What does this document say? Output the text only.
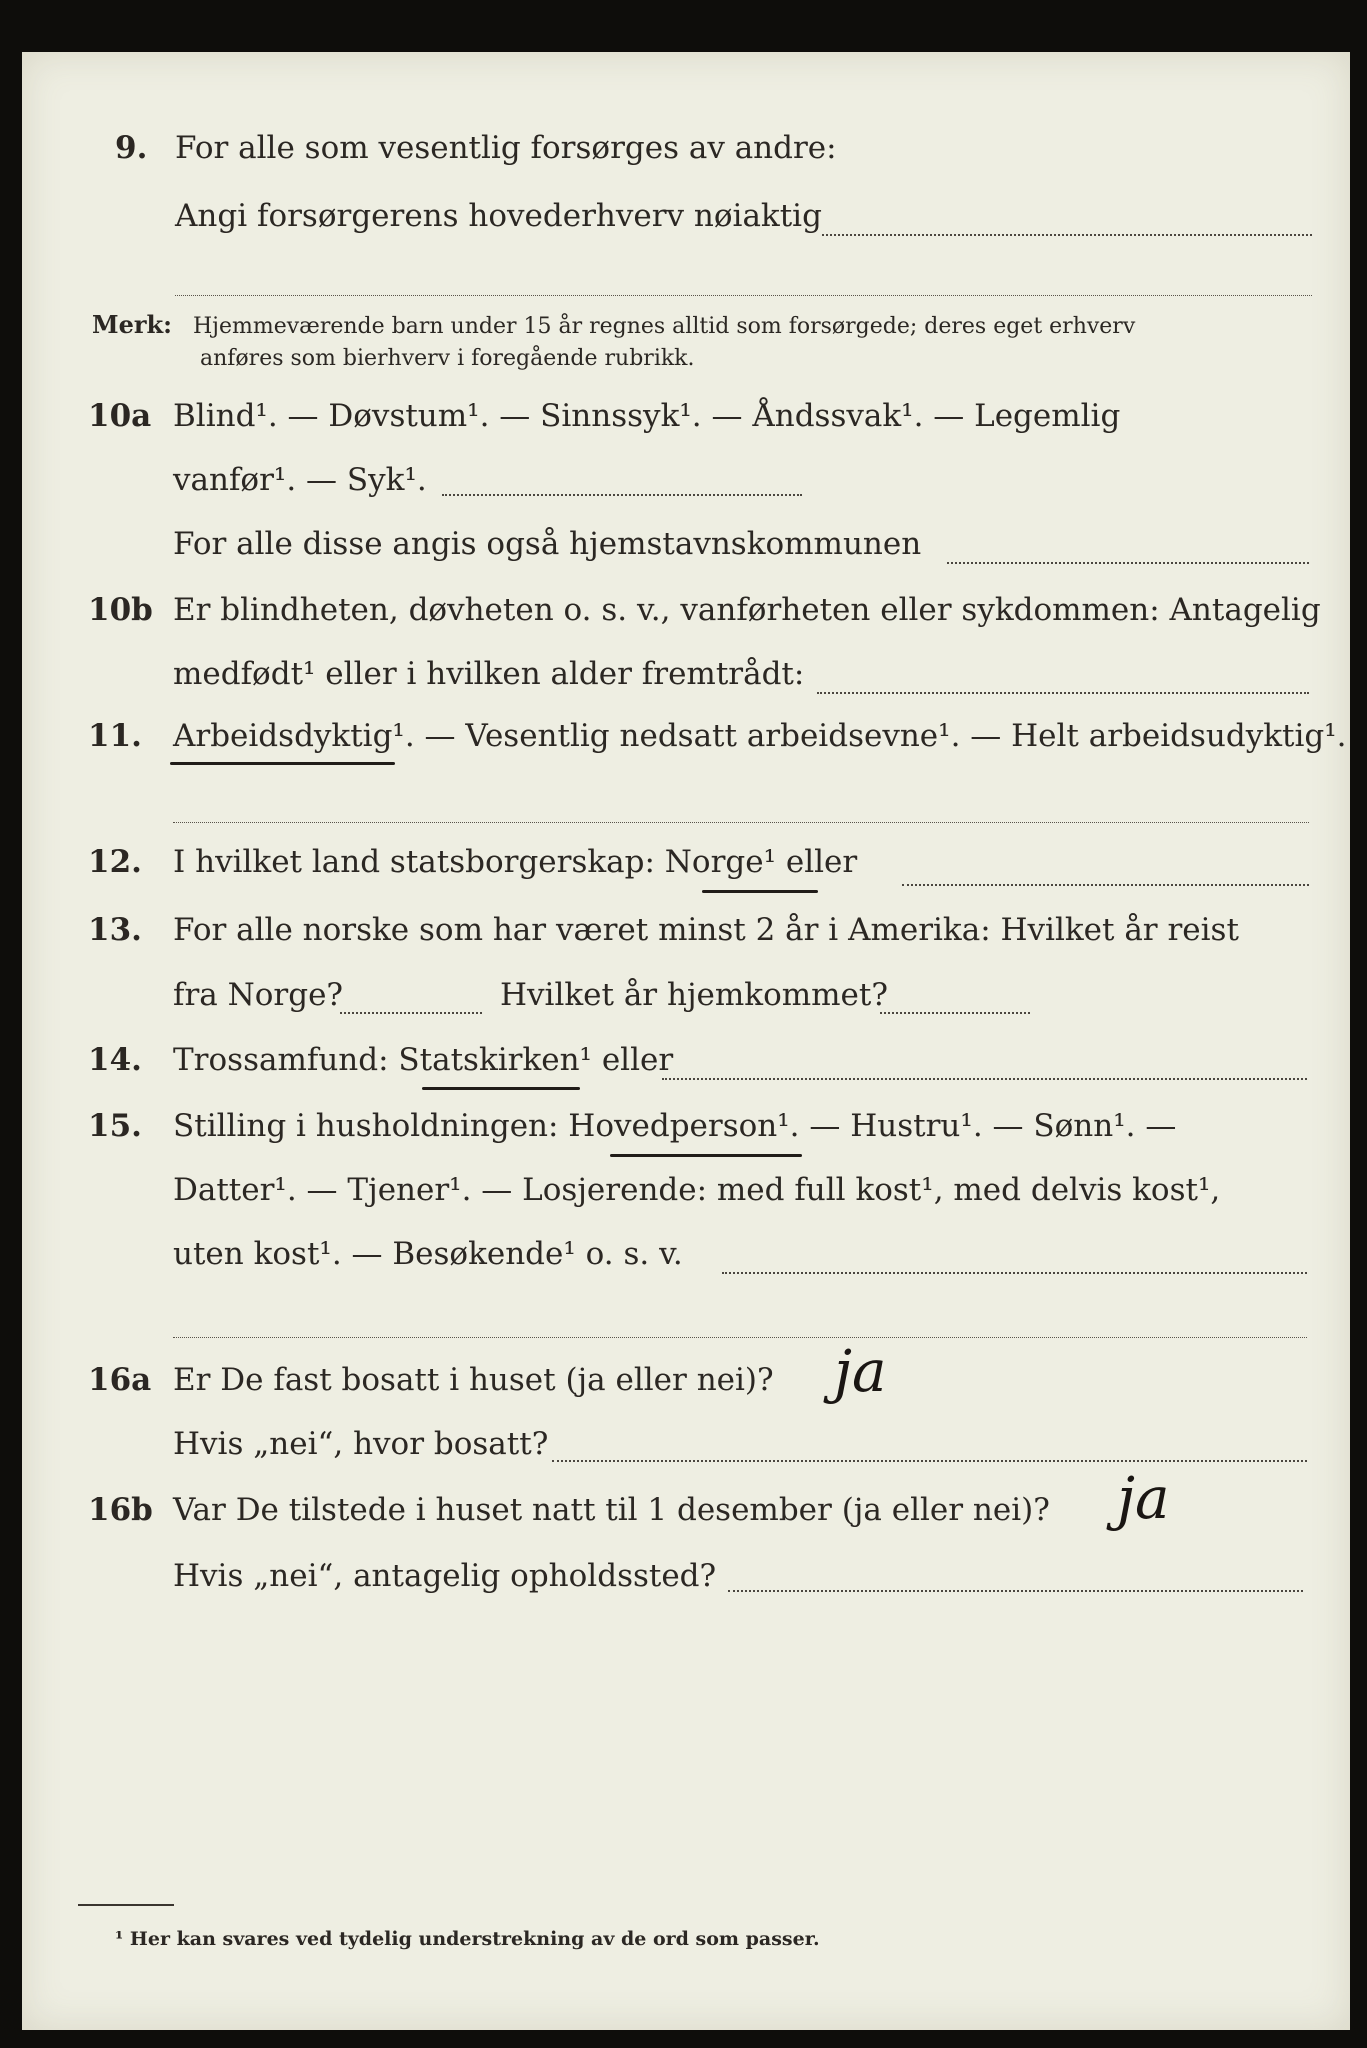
9. For alle som vesentlig forsørges av andre:
Angi forsørgerens hovederhverv nøiaktig
Merk: Hjemmeværende barn under 15 år regnes alltid som forsørgede; deres eget erhverv
anføres som bierhverv i foregående rubrikk.
10a Blind¹. — Døvstum¹. — Sinnssyk¹. — Åndssvak¹. — Legemlig
vanfør¹. — Syk¹.
For alle disse angis også hjemstavnskommunen
10b Er blindheten, døvheten o. s. v., vanførheten eller sykdommen: Antagelig
medfødt¹ eller i hvilken alder fremtrådt:
11. Arbeidsdyktig¹. — Vesentlig nedsatt arbeidsevne¹. — Helt arbeidsudyktig¹.
12. I hvilket land statsborgerskap: Norge¹ eller
13. For alle norske som har været minst 2 år i Amerika: Hvilket år reist
fra Norge?	Hvilket år hjemkommet?
14. Trossamfund: Statskirken¹ eller
15. Stilling i husholdningen: Hovedperson¹. — Hustru¹. — Sønn¹. —
Datter¹. — Tjener¹. — Losjerende: med full kost¹, med delvis kost¹,
uten kost¹. — Besøkende¹ o. s. v.
16a Er De fast bosatt i huset (ja eller nei)? ja
Hvis „nei“, hvor bosatt?
16b Var De tilstede i huset natt til 1 desember (ja eller nei)? ja
Hvis „nei“, antagelig opholdssted?
¹ Her kan svares ved tydelig understrekning av de ord som passer.
